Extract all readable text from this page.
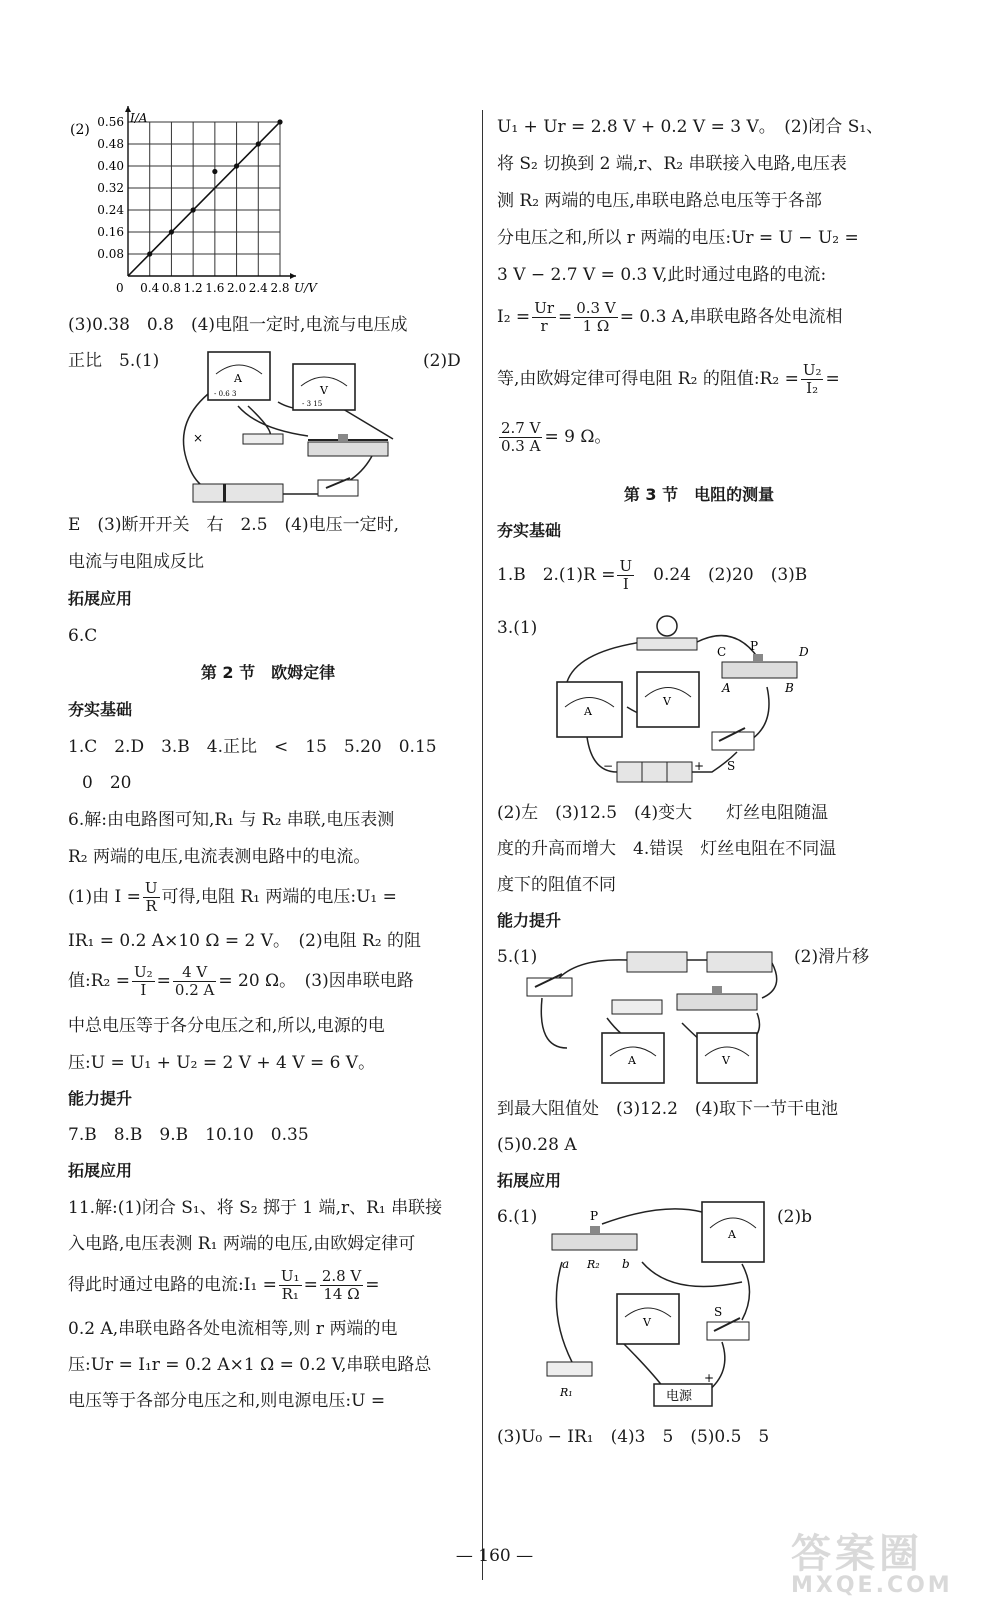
(2)
0.08
0.16
0.24
0.32
0.40
0.48
0.56
0.4 0.8 1.2 1.6 2.0 2.4 2.8
I/A
U/V
0
(3)0.38　0.8　(4)电阻一定时,电流与电压成
正比　5.(1)	(2)D
A
- 0.6 3	V
- 3 15
×
E　(3)断开开关　右　2.5　(4)电压一定时,
电流与电阻成反比
拓展应用
6.C
第 2 节　欧姆定律
夯实基础
1.C　2.D　3.B　4.正比　<　15　5.20　0.15
0　20
6.解:由电路图可知,R₁ 与 R₂ 串联,电压表测
R₂ 两端的电压,电流表测电路中的电流。
(1)由 $I = \frac{U}{R}$ 可得,电阻 R₁ 两端的电压:U₁ =
IR₁ = 0.2 A×10 Ω = 2 V。　(2)电阻 R₂ 的阻
值:R₂ = $\frac{\text{U₂}}{I} = \frac{4 V}{0.2 A} = 20$ Ω。　(3)因串联电路
中总电压等于各分电压之和,所以,电源的电
压:U = U₁ + U₂ = 2 V + 4 V = 6 V。
能力提升
7.B　8.B　9.B　10.10　0.35
拓展应用
11.解:(1)闭合 S₁、将 S₂ 掷于 1 端,r、R₁ 串联接
入电路,电压表测 R₁ 两端的电压,由欧姆定律可
得此时通过电路的电流:I₁ = $\frac{\text{U₁}}{\text{R₁}} = \frac{2.8 V}{14 \Omega}$ =
0.2 A,串联电路各处电流相等,则 r 两端的电
压:Ur = I₁r = 0.2 A×1 Ω = 0.2 V,串联电路总
电压等于各部分电压之和,则电源电压:U =
U₁ + Ur = 2.8 V + 0.2 V = 3 V。　(2)闭合 S₁、
将 S₂ 切换到 2 端,r、R₂ 串联接入电路,电压表
测 R₂ 两端的电压,串联电路总电压等于各部
分电压之和,所以 r 两端的电压:Ur = U − U₂ =
3 V − 2.7 V = 0.3 V,此时通过电路的电流:
$I_2 = \frac{Ur}{r} = \frac{0.3 V}{1 \Omega} = 0.3$ A,串联电路各处电流相
等,由欧姆定律可得电阻 R₂ 的阻值:R₂ = $\frac{\text{U₂}}{\text{I₂}}$ =
$\frac{2.7 V}{0.3 A} = 9$ Ω。
第 3 节　电阻的测量
夯实基础
1.B　$2.(1)R = \frac{U}{I}$ 　0.24　(2)20　(3)B
3.(1)
A
V
C P	D
A	B
S
−	+
(2)左　(3)12.5　(4)变大　　灯丝电阻随温
度的升高而增大　4.错误　灯丝电阻在不同温
度下的阻值不同
能力提升
5.(1)	(2)滑片移
A	V
到最大阻值处　(3)12.2　(4)取下一节干电池
(5)0.28 A
拓展应用
6.(1)	(2)b
P
a R₂ b
A
V
S
R₁	电源
+
(3)U₀ − IR₁　(4)3　5　(5)0.5　5
— 160 —	答案圈
MXQE.COM
